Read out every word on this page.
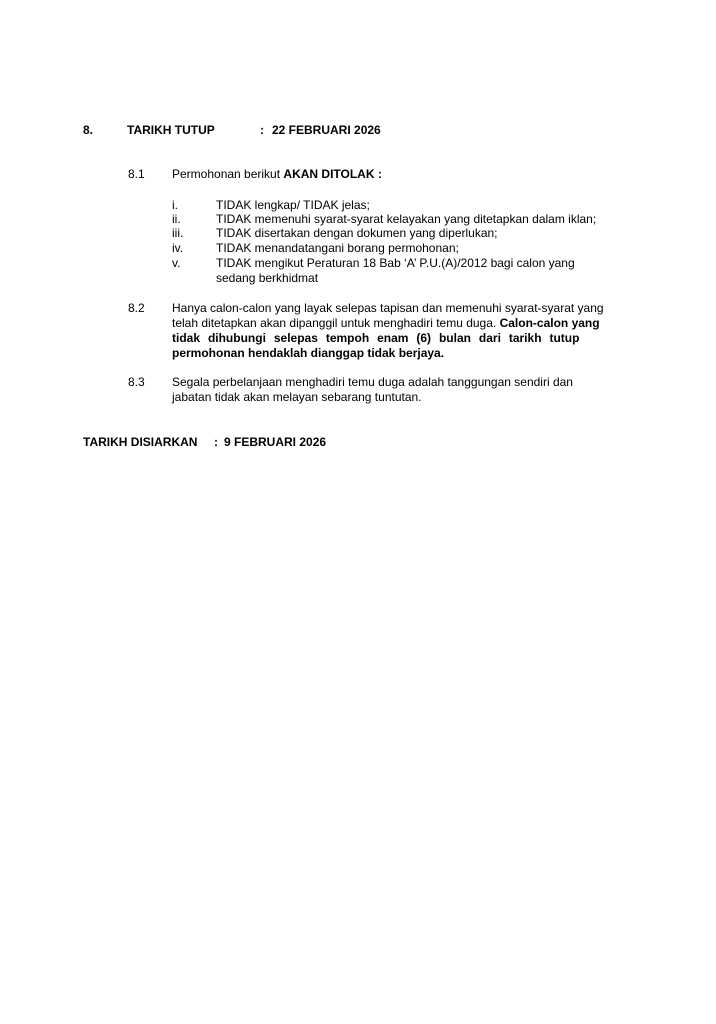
8.	TARIKH TUTUP	: 22 FEBRUARI 2026
8.1 Permohonan berikut AKAN DITOLAK :
i.	TIDAK lengkap/ TIDAK jelas;
ii.	TIDAK memenuhi syarat-syarat kelayakan yang ditetapkan dalam iklan;
iii.	TIDAK disertakan dengan dokumen yang diperlukan;
iv.	TIDAK menandatangani borang permohonan;
v.	TIDAK mengikut Peraturan 18 Bab ‘A’ P.U.(A)/2012 bagi calon yang
sedang berkhidmat
8.2 Hanya calon-calon yang layak selepas tapisan dan memenuhi syarat-syarat yang
telah ditetapkan akan dipanggil untuk menghadiri temu duga. Calon-calon yang
tidak dihubungi selepas tempoh enam (6) bulan dari tarikh tutup
permohonan hendaklah dianggap tidak berjaya.
8.3 Segala perbelanjaan menghadiri temu duga adalah tanggungan sendiri dan
jabatan tidak akan melayan sebarang tuntutan.
TARIKH DISIARKAN : 9 FEBRUARI 2026
